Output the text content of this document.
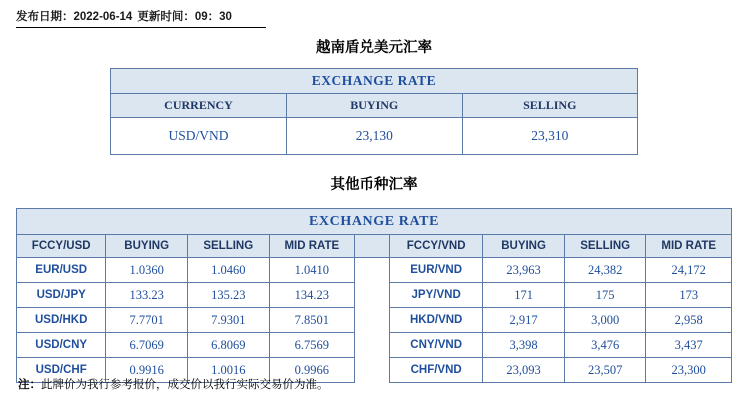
发布日期：2022-06-14 更新时间：09：30
越南盾兑美元汇率
EXCHANGE RATE		
CURRENCY	BUYING	SELLING
USD/VND	23,130	23,310
其他币种汇率
EXCHANGE RATE								
FCCY/USD	BUYING	SELLING	MID RATE		FCCY/VND	BUYING	SELLING	MID RATE
EUR/USD	1.0360	1.0460	1.0410		EUR/VND	23,963	24,382	24,172
USD/JPY	133.23	135.23	134.23		JPY/VND	171	175	173
USD/HKD	7.7701	7.9301	7.8501		HKD/VND	2,917	3,000	2,958
USD/CNY	6.7069	6.8069	6.7569		CNY/VND	3,398	3,476	3,437
USD/CHF	0.9916	1.0016	0.9966		CHF/VND	23,093	23,507	23,300
注：此牌价为我行参考报价，成交价以我行实际交易价为准。
